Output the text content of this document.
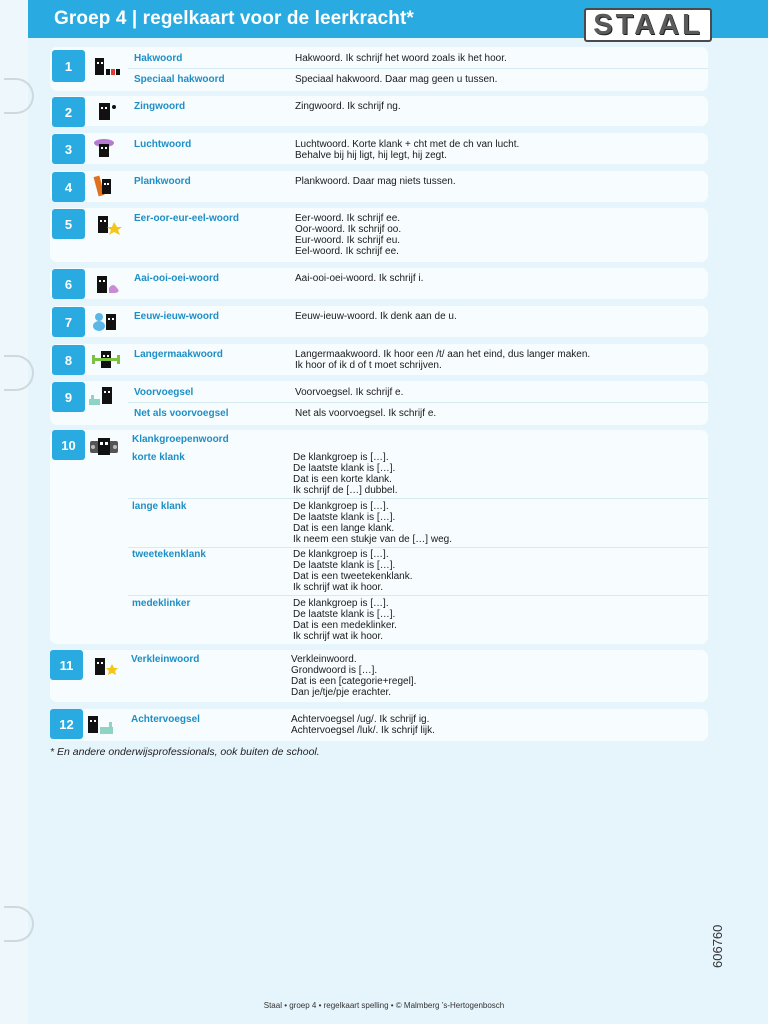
Groep 4 | regelkaart voor de leerkracht*	STAAL
1	Hakwoord	Hakwoord. Ik schrijf het woord zoals ik het hoor.
Speciaal hakwoord	Speciaal hakwoord. Daar mag geen u tussen.
2	Zingwoord	Zingwoord. Ik schrijf ng.
3	Luchtwoord	Luchtwoord. Korte klank + cht met de ch van lucht.
Behalve bij hij ligt, hij legt, hij zegt.
4	Plankwoord	Plankwoord. Daar mag niets tussen.
5	Eer-oor-eur-eel-woord	Eer-woord. Ik schrijf ee.
Oor-woord. Ik schrijf oo.
Eur-woord. Ik schrijf eu.
Eel-woord. Ik schrijf ee.
6	Aai-ooi-oei-woord	Aai-ooi-oei-woord. Ik schrijf i.
7	Eeuw-ieuw-woord	Eeuw-ieuw-woord. Ik denk aan de u.
8	Langermaakwoord	Langermaakwoord. Ik hoor een /t/ aan het eind, dus langer maken.
Ik hoor of ik d of t moet schrijven.
9	Voorvoegsel	Voorvoegsel. Ik schrijf e.
Net als voorvoegsel	Net als voorvoegsel. Ik schrijf e.
10	Klankgroepenwoord
korte klank	De klankgroep is […].
De laatste klank is […].
Dat is een korte klank.
Ik schrijf de […] dubbel.
lange klank	De klankgroep is […].
De laatste klank is […].
Dat is een lange klank.
Ik neem een stukje van de […] weg.
tweetekenklank	De klankgroep is […].
De laatste klank is […].
Dat is een tweetekenklank.
Ik schrijf wat ik hoor.
medeklinker	De klankgroep is […].
De laatste klank is […].
Dat is een medeklinker.
Ik schrijf wat ik hoor.
11	Verkleinwoord	Verkleinwoord.
Grondwoord is […].
Dat is een [categorie+regel].
Dan je/tje/pje erachter.
12	Achtervoegsel	Achtervoegsel /ug/. Ik schrijf ig.
Achtervoegsel /luk/. Ik schrijf lijk.
* En andere onderwijsprofessionals, ook buiten de school.
Staal • groep 4 • regelkaart spelling • © Malmberg ’s-Hertogenbosch
606760
